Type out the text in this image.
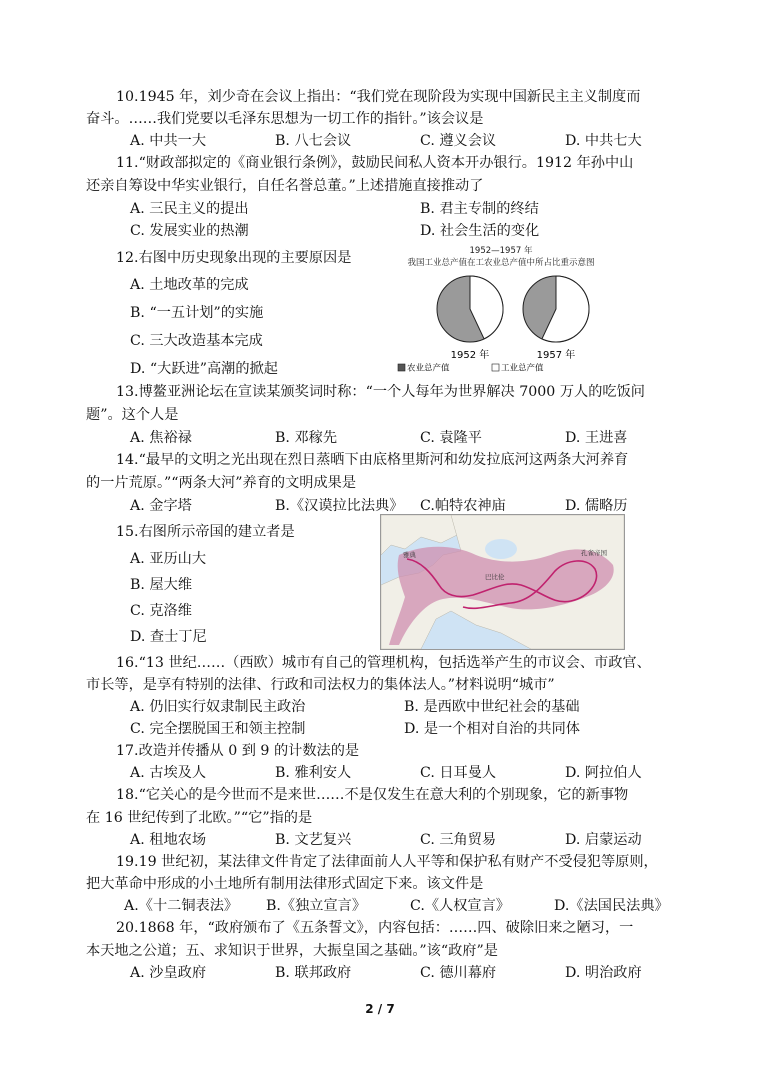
10.1945 年，刘少奇在会议上指出：“我们党在现阶段为实现中国新民主主义制度而
奋斗。……我们党要以毛泽东思想为一切工作的指针。”该会议是
A. 中共一大	B. 八七会议	C. 遵义会议	D. 中共七大
11.“财政部拟定的《商业银行条例》，鼓励民间私人资本开办银行。1912 年孙中山
还亲自筹设中华实业银行，自任名誉总董。”上述措施直接推动了
A. 三民主义的提出	B. 君主专制的终结
C. 发展实业的热潮	D. 社会生活的变化
12.右图中历史现象出现的主要原因是
A. 土地改革的完成
B. “一五计划”的实施
C. 三大改造基本完成
D. “大跃进”高潮的掀起
1952—1957 年
我国工业总产值在工农业总产值中所占比重示意图
农业总产值	工业总产值
1952 年	1957 年
13.博鳌亚洲论坛在宣读某颁奖词时称：“一个人每年为世界解决 7000 万人的吃饭问
题”。这个人是
A. 焦裕禄	B. 邓稼先	C. 袁隆平	D. 王进喜
14.“最早的文明之光出现在烈日蒸晒下由底格里斯河和幼发拉底河这两条大河养育
的一片荒原。”“两条大河”养育的文明成果是
A. 金字塔	B.《汉谟拉比法典》 C.帕特农神庙	D. 儒略历
15.右图所示帝国的建立者是
A. 亚历山大
B. 屋大维
C. 克洛维
D. 查士丁尼
雅典
巴比伦
孔雀帝国
16.“13 世纪……（西欧）城市有自己的管理机构，包括选举产生的市议会、市政官、
市长等，是享有特别的法律、行政和司法权力的集体法人。”材料说明“城市”
A. 仍旧实行奴隶制民主政治	B. 是西欧中世纪社会的基础
C. 完全摆脱国王和领主控制	D. 是一个相对自治的共同体
17.改造并传播从 0 到 9 的计数法的是
A. 古埃及人	B. 雅利安人	C. 日耳曼人	D. 阿拉伯人
18.“它关心的是今世而不是来世……不是仅发生在意大利的个别现象，它的新事物
在 16 世纪传到了北欧。”“它”指的是
A. 租地农场	B. 文艺复兴	C. 三角贸易	D. 启蒙运动
19.19 世纪初，某法律文件肯定了法律面前人人平等和保护私有财产不受侵犯等原则，
把大革命中形成的小土地所有制用法律形式固定下来。该文件是
A.《十二铜表法》 B.《独立宣言》	C.《人权宣言》	D.《法国民法典》
20.1868 年，“政府颁布了《五条誓文》，内容包括：……四、破除旧来之陋习，一
本天地之公道；五、求知识于世界，大振皇国之基础。”该“政府”是
A. 沙皇政府	B. 联邦政府	C. 德川幕府	D. 明治政府
2 / 7
